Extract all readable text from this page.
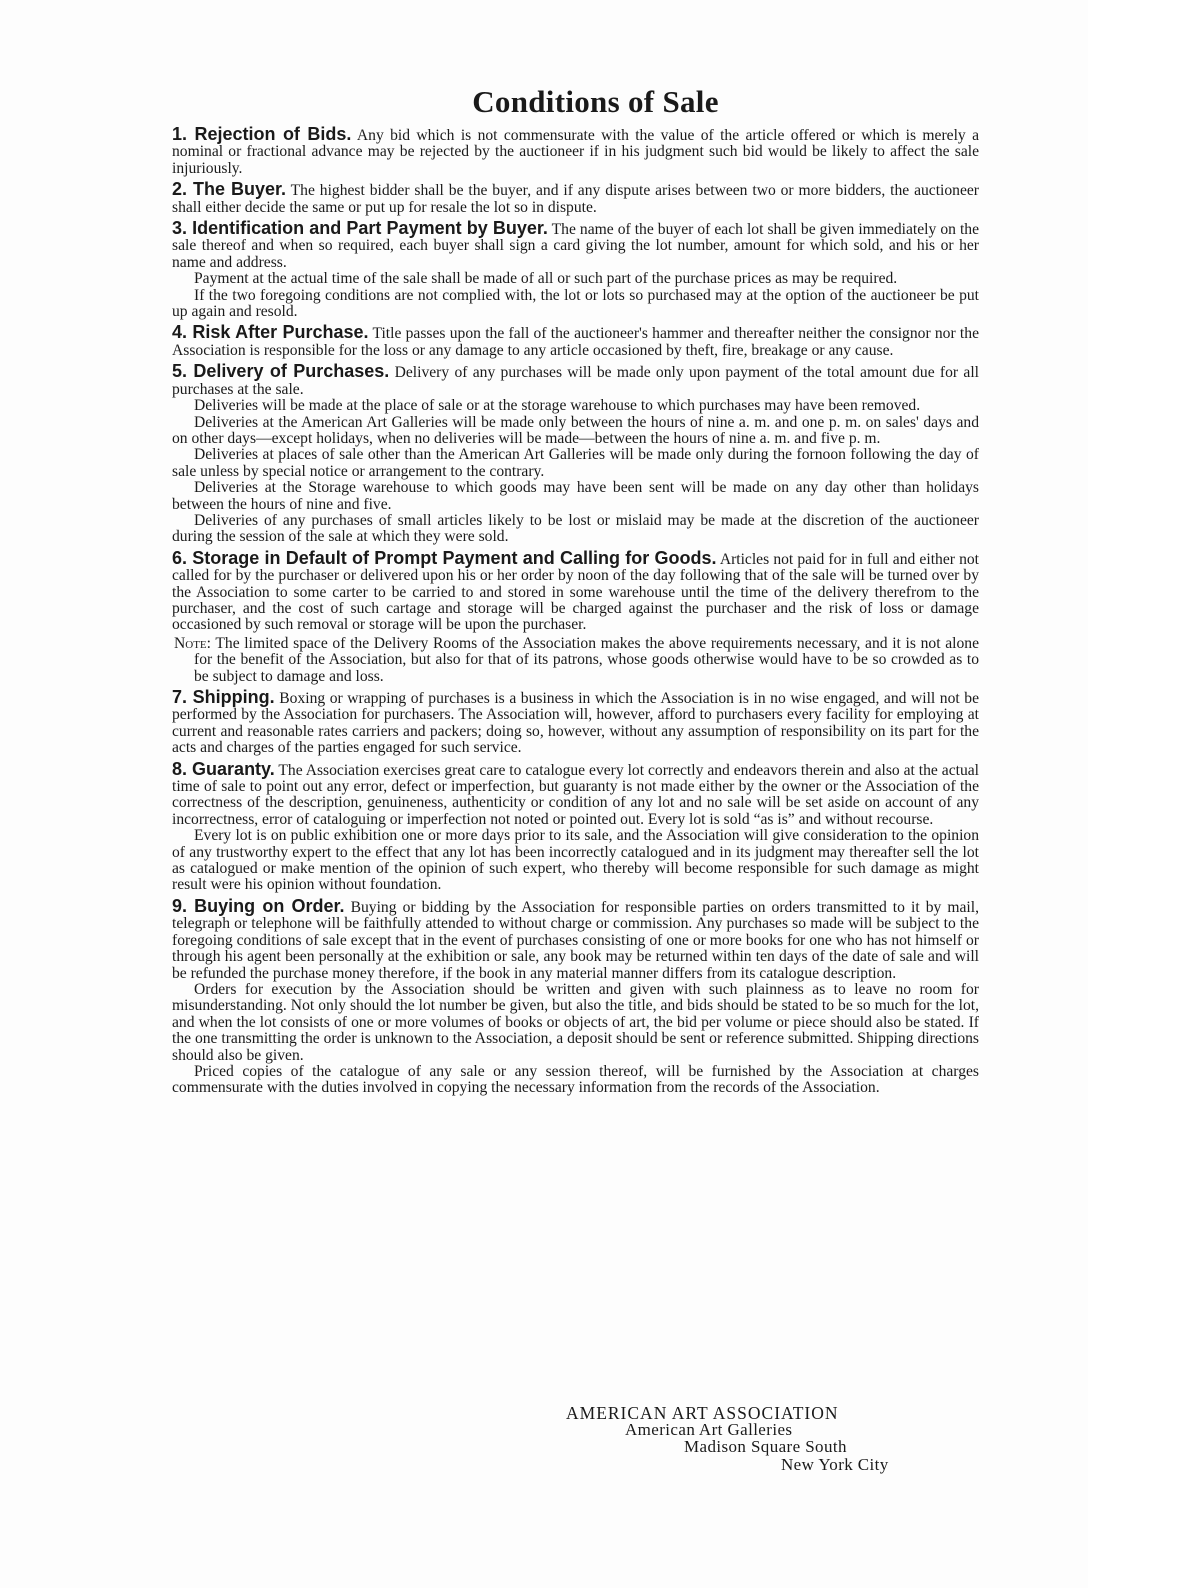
Conditions of Sale

1. Rejection of Bids. Any bid which is not commensurate with the value of the article offered or which is merely a nominal or fractional advance may be rejected by the auctioneer if in his judgment such bid would be likely to affect the sale injuriously.

2. The Buyer. The highest bidder shall be the buyer, and if any dispute arises between two or more bidders, the auctioneer shall either decide the same or put up for resale the lot so in dispute.

3. Identification and Part Payment by Buyer. The name of the buyer of each lot shall be given immediately on the sale thereof and when so required, each buyer shall sign a card giving the lot number, amount for which sold, and his or her name and address.

Payment at the actual time of the sale shall be made of all or such part of the purchase prices as may be required.

If the two foregoing conditions are not complied with, the lot or lots so purchased may at the option of the auctioneer be put up again and resold.

4. Risk After Purchase. Title passes upon the fall of the auctioneer's hammer and thereafter neither the consignor nor the Association is responsible for the loss or any damage to any article occasioned by theft, fire, breakage or any cause.

5. Delivery of Purchases. Delivery of any purchases will be made only upon payment of the total amount due for all purchases at the sale.

Deliveries will be made at the place of sale or at the storage warehouse to which purchases may have been removed.

Deliveries at the American Art Galleries will be made only between the hours of nine a. m. and one p. m. on sales' days and on other days—except holidays, when no deliveries will be made—between the hours of nine a. m. and five p. m.

Deliveries at places of sale other than the American Art Galleries will be made only during the fornoon following the day of sale unless by special notice or arrangement to the contrary.

Deliveries at the Storage warehouse to which goods may have been sent will be made on any day other than holidays between the hours of nine and five.

Deliveries of any purchases of small articles likely to be lost or mislaid may be made at the discretion of the auctioneer during the session of the sale at which they were sold.

6. Storage in Default of Prompt Payment and Calling for Goods. Articles not paid for in full and either not called for by the purchaser or delivered upon his or her order by noon of the day following that of the sale will be turned over by the Association to some carter to be carried to and stored in some warehouse until the time of the delivery therefrom to the purchaser, and the cost of such cartage and storage will be charged against the purchaser and the risk of loss or damage occasioned by such removal or storage will be upon the purchaser.

Note: The limited space of the Delivery Rooms of the Association makes the above requirements necessary, and it is not alone for the benefit of the Association, but also for that of its patrons, whose goods otherwise would have to be so crowded as to be subject to damage and loss.

7. Shipping. Boxing or wrapping of purchases is a business in which the Association is in no wise engaged, and will not be performed by the Association for purchasers. The Association will, however, afford to purchasers every facility for employing at current and reasonable rates carriers and packers; doing so, however, without any assumption of responsibility on its part for the acts and charges of the parties engaged for such service.

8. Guaranty. The Association exercises great care to catalogue every lot correctly and endeavors therein and also at the actual time of sale to point out any error, defect or imperfection, but guaranty is not made either by the owner or the Association of the correctness of the description, genuineness, authenticity or condition of any lot and no sale will be set aside on account of any incorrectness, error of cataloguing or imperfection not noted or pointed out. Every lot is sold “as is” and without recourse.

Every lot is on public exhibition one or more days prior to its sale, and the Association will give consideration to the opinion of any trustworthy expert to the effect that any lot has been incorrectly catalogued and in its judgment may thereafter sell the lot as catalogued or make mention of the opinion of such expert, who thereby will become responsible for such damage as might result were his opinion without foundation.

9. Buying on Order. Buying or bidding by the Association for responsible parties on orders transmitted to it by mail, telegraph or telephone will be faithfully attended to without charge or commission. Any purchases so made will be subject to the foregoing conditions of sale except that in the event of purchases consisting of one or more books for one who has not himself or through his agent been personally at the exhibition or sale, any book may be returned within ten days of the date of sale and will be refunded the purchase money therefore, if the book in any material manner differs from its catalogue description.

Orders for execution by the Association should be written and given with such plainness as to leave no room for misunderstanding. Not only should the lot number be given, but also the title, and bids should be stated to be so much for the lot, and when the lot consists of one or more volumes of books or objects of art, the bid per volume or piece should also be stated. If the one transmitting the order is unknown to the Association, a deposit should be sent or reference submitted. Shipping directions should also be given.

Priced copies of the catalogue of any sale or any session thereof, will be furnished by the Association at charges commensurate with the duties involved in copying the necessary information from the records of the Association.

AMERICAN ART ASSOCIATION
American Art Galleries
Madison Square South
New York City
